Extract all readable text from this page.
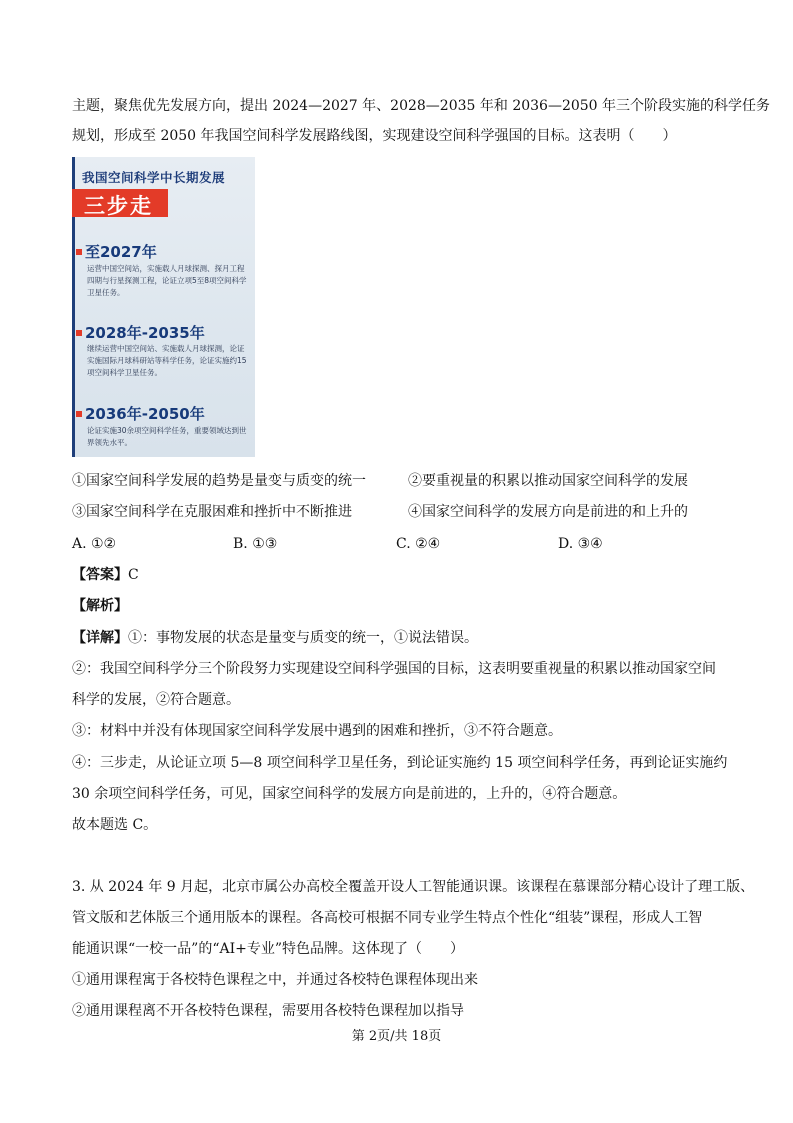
主题，聚焦优先发展方向，提出 2024—2027 年、2028—2035 年和 2036—2050 年三个阶段实施的科学任务
规划，形成至 2050 年我国空间科学发展路线图，实现建设空间科学强国的目标。这表明（　　）
我国空间科学中长期发展
三步走
至2027年
运营中国空间站，实施载人月球探测、探月工程四期与行星探测工程，论证立项5至8项空间科学卫星任务。
2028年-2035年
继续运营中国空间站、实施载人月球探测，论证实施国际月球科研站等科学任务，论证实施约15项空间科学卫星任务。
2036年-2050年
论证实施30余项空间科学任务，重要领域达到世界领先水平。
①国家空间科学发展的趋势是量变与质变的统一	②要重视量的积累以推动国家空间科学的发展
③国家空间科学在克服困难和挫折中不断推进	④国家空间科学的发展方向是前进的和上升的
A. ①②	B. ①③	C. ②④	D. ③④
【答案】C
【解析】
【详解】①：事物发展的状态是量变与质变的统一，①说法错误。
②：我国空间科学分三个阶段努力实现建设空间科学强国的目标，这表明要重视量的积累以推动国家空间
科学的发展，②符合题意。
③：材料中并没有体现国家空间科学发展中遇到的困难和挫折，③不符合题意。
④：三步走，从论证立项 5—8 项空间科学卫星任务，到论证实施约 15 项空间科学任务，再到论证实施约
30 余项空间科学任务，可见，国家空间科学的发展方向是前进的，上升的，④符合题意。
故本题选 C。
3. 从 2024 年 9 月起，北京市属公办高校全覆盖开设人工智能通识课。该课程在慕课部分精心设计了理工版、
管文版和艺体版三个通用版本的课程。各高校可根据不同专业学生特点个性化“组装”课程，形成人工智
能通识课“一校一品”的“AI+专业”特色品牌。这体现了（　　）
①通用课程寓于各校特色课程之中，并通过各校特色课程体现出来
②通用课程离不开各校特色课程，需要用各校特色课程加以指导
第 2页/共 18页
